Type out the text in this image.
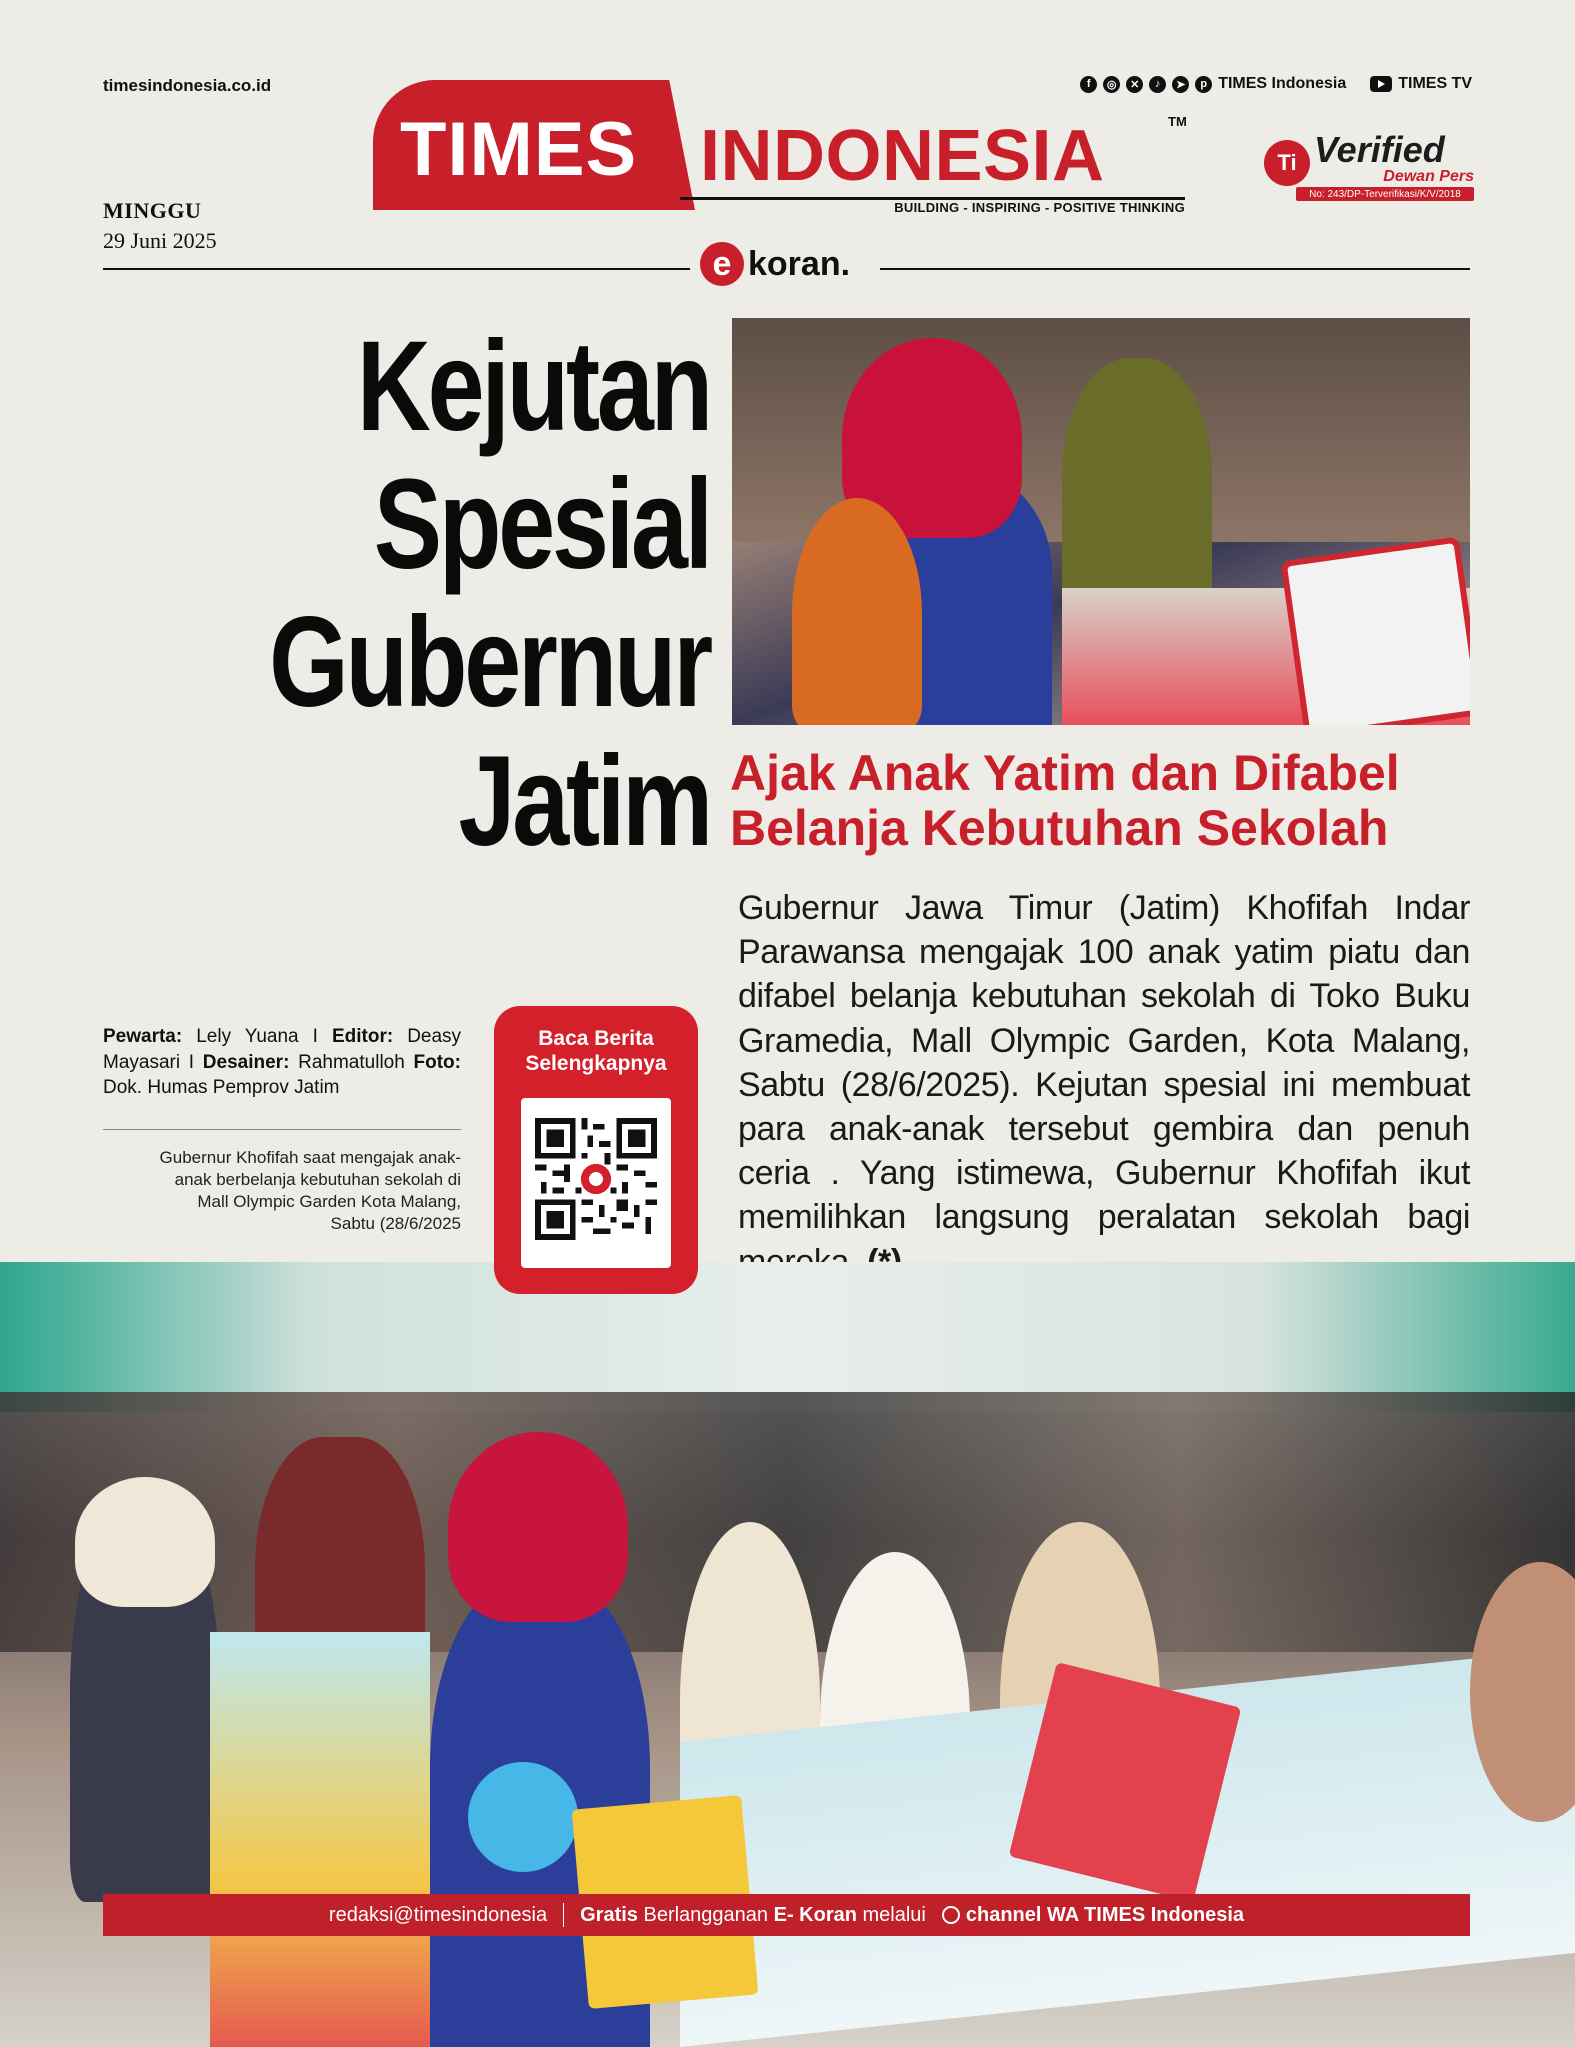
timesindonesia.co.id	f	◎	✕	♪	➤	p TIMES Indonesia	TIMES TV
TIMES INDONESIA	TM
BUILDING - INSPIRING - POSITIVE THINKING
Ti Verified
Dewan Pers
No: 243/DP-Terverifikasi/K/V/2018
MINGGU
29 Juni 2025
e koran.
Kejutan
Spesial
Gubernur
Jatim Ajak Anak Yatim dan Difabel Belanja Kebutuhan Sekolah
Gubernur Jawa Timur (Jatim) Khofifah Indar Parawansa mengajak 100 anak yatim piatu dan difabel belanja kebutuhan sekolah di Toko Buku Gramedia, Mall Olympic Garden, Kota Malang, Sabtu (28/6/2025). Kejutan spesial ini membuat para anak-anak tersebut gembira dan penuh ceria . Yang istimewa, Gubernur Khofifah ikut memilihkan langsung peralatan sekolah bagi
Pewarta: Lely Yuana I Editor: Deasy Mayasari I Desainer: Rahmatulloh Foto: Dok. Humas Pemprov Jatim
Gubernur Khofifah saat mengajak anak-anak berbelanja kebutuhan sekolah di Mall Olympic Garden Kota Malang, Sabtu (28/6/2025
Baca Berita
Selengkapnya
redaksi@timesindonesia Gratis Berlangganan E- Koran melalui	channel WA TIMES Indonesia
